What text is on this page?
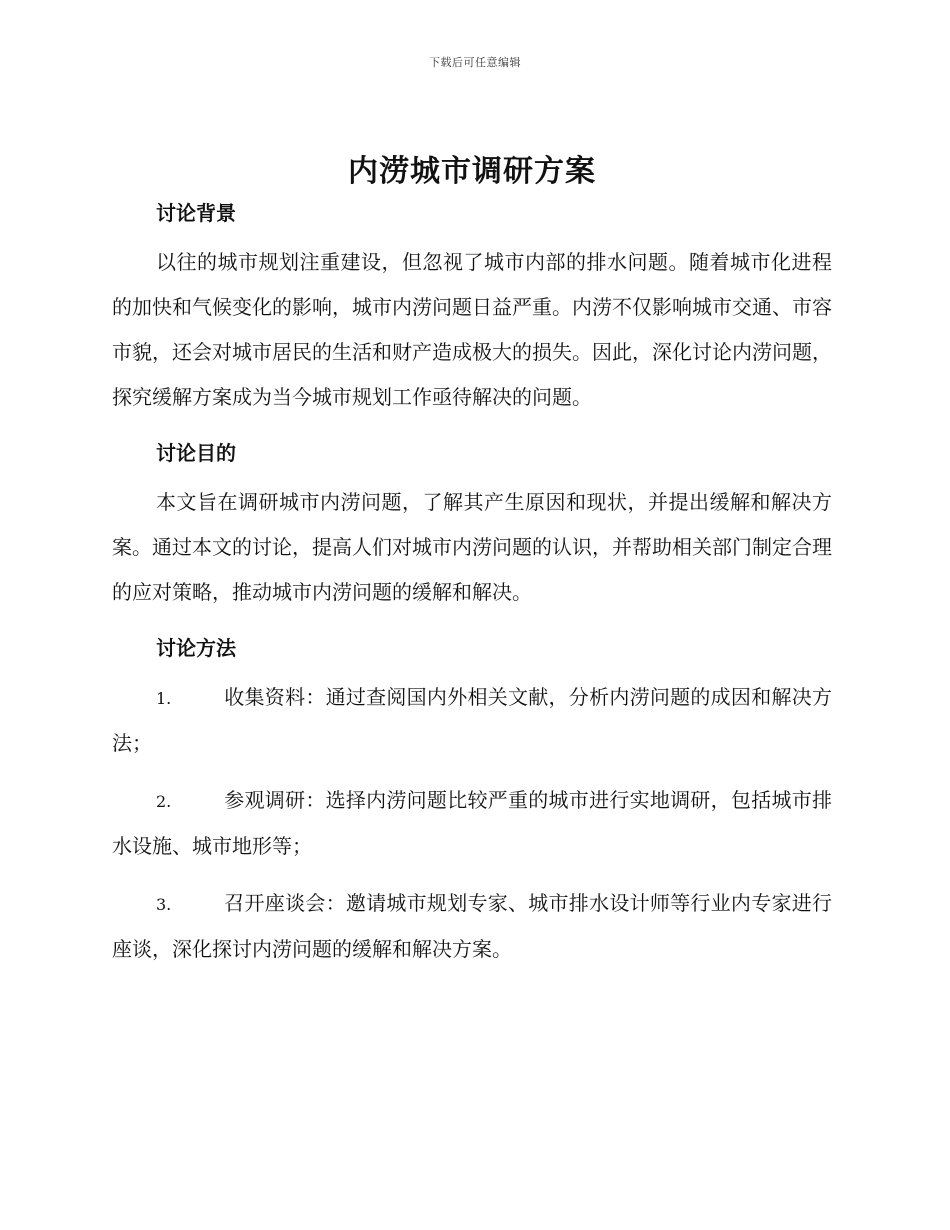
下载后可任意编辑
内涝城市调研方案
讨论背景

以往的城市规划注重建设，但忽视了城市内部的排水问题。随着城市化进程的加快和气候变化的影响，城市内涝问题日益严重。内涝不仅影响城市交通、市容市貌，还会对城市居民的生活和财产造成极大的损失。因此，深化讨论内涝问题，探究缓解方案成为当今城市规划工作亟待解决的问题。

讨论目的

本文旨在调研城市内涝问题，了解其产生原因和现状，并提出缓解和解决方案。通过本文的讨论，提高人们对城市内涝问题的认识，并帮助相关部门制定合理的应对策略，推动城市内涝问题的缓解和解决。

讨论方法

1.	收集资料：通过查阅国内外相关文献，分析内涝问题的成因和解决方法；

2.	参观调研：选择内涝问题比较严重的城市进行实地调研，包括城市排水设施、城市地形等；

3.	召开座谈会：邀请城市规划专家、城市排水设计师等行业内专家进行座谈，深化探讨内涝问题的缓解和解决方案。
